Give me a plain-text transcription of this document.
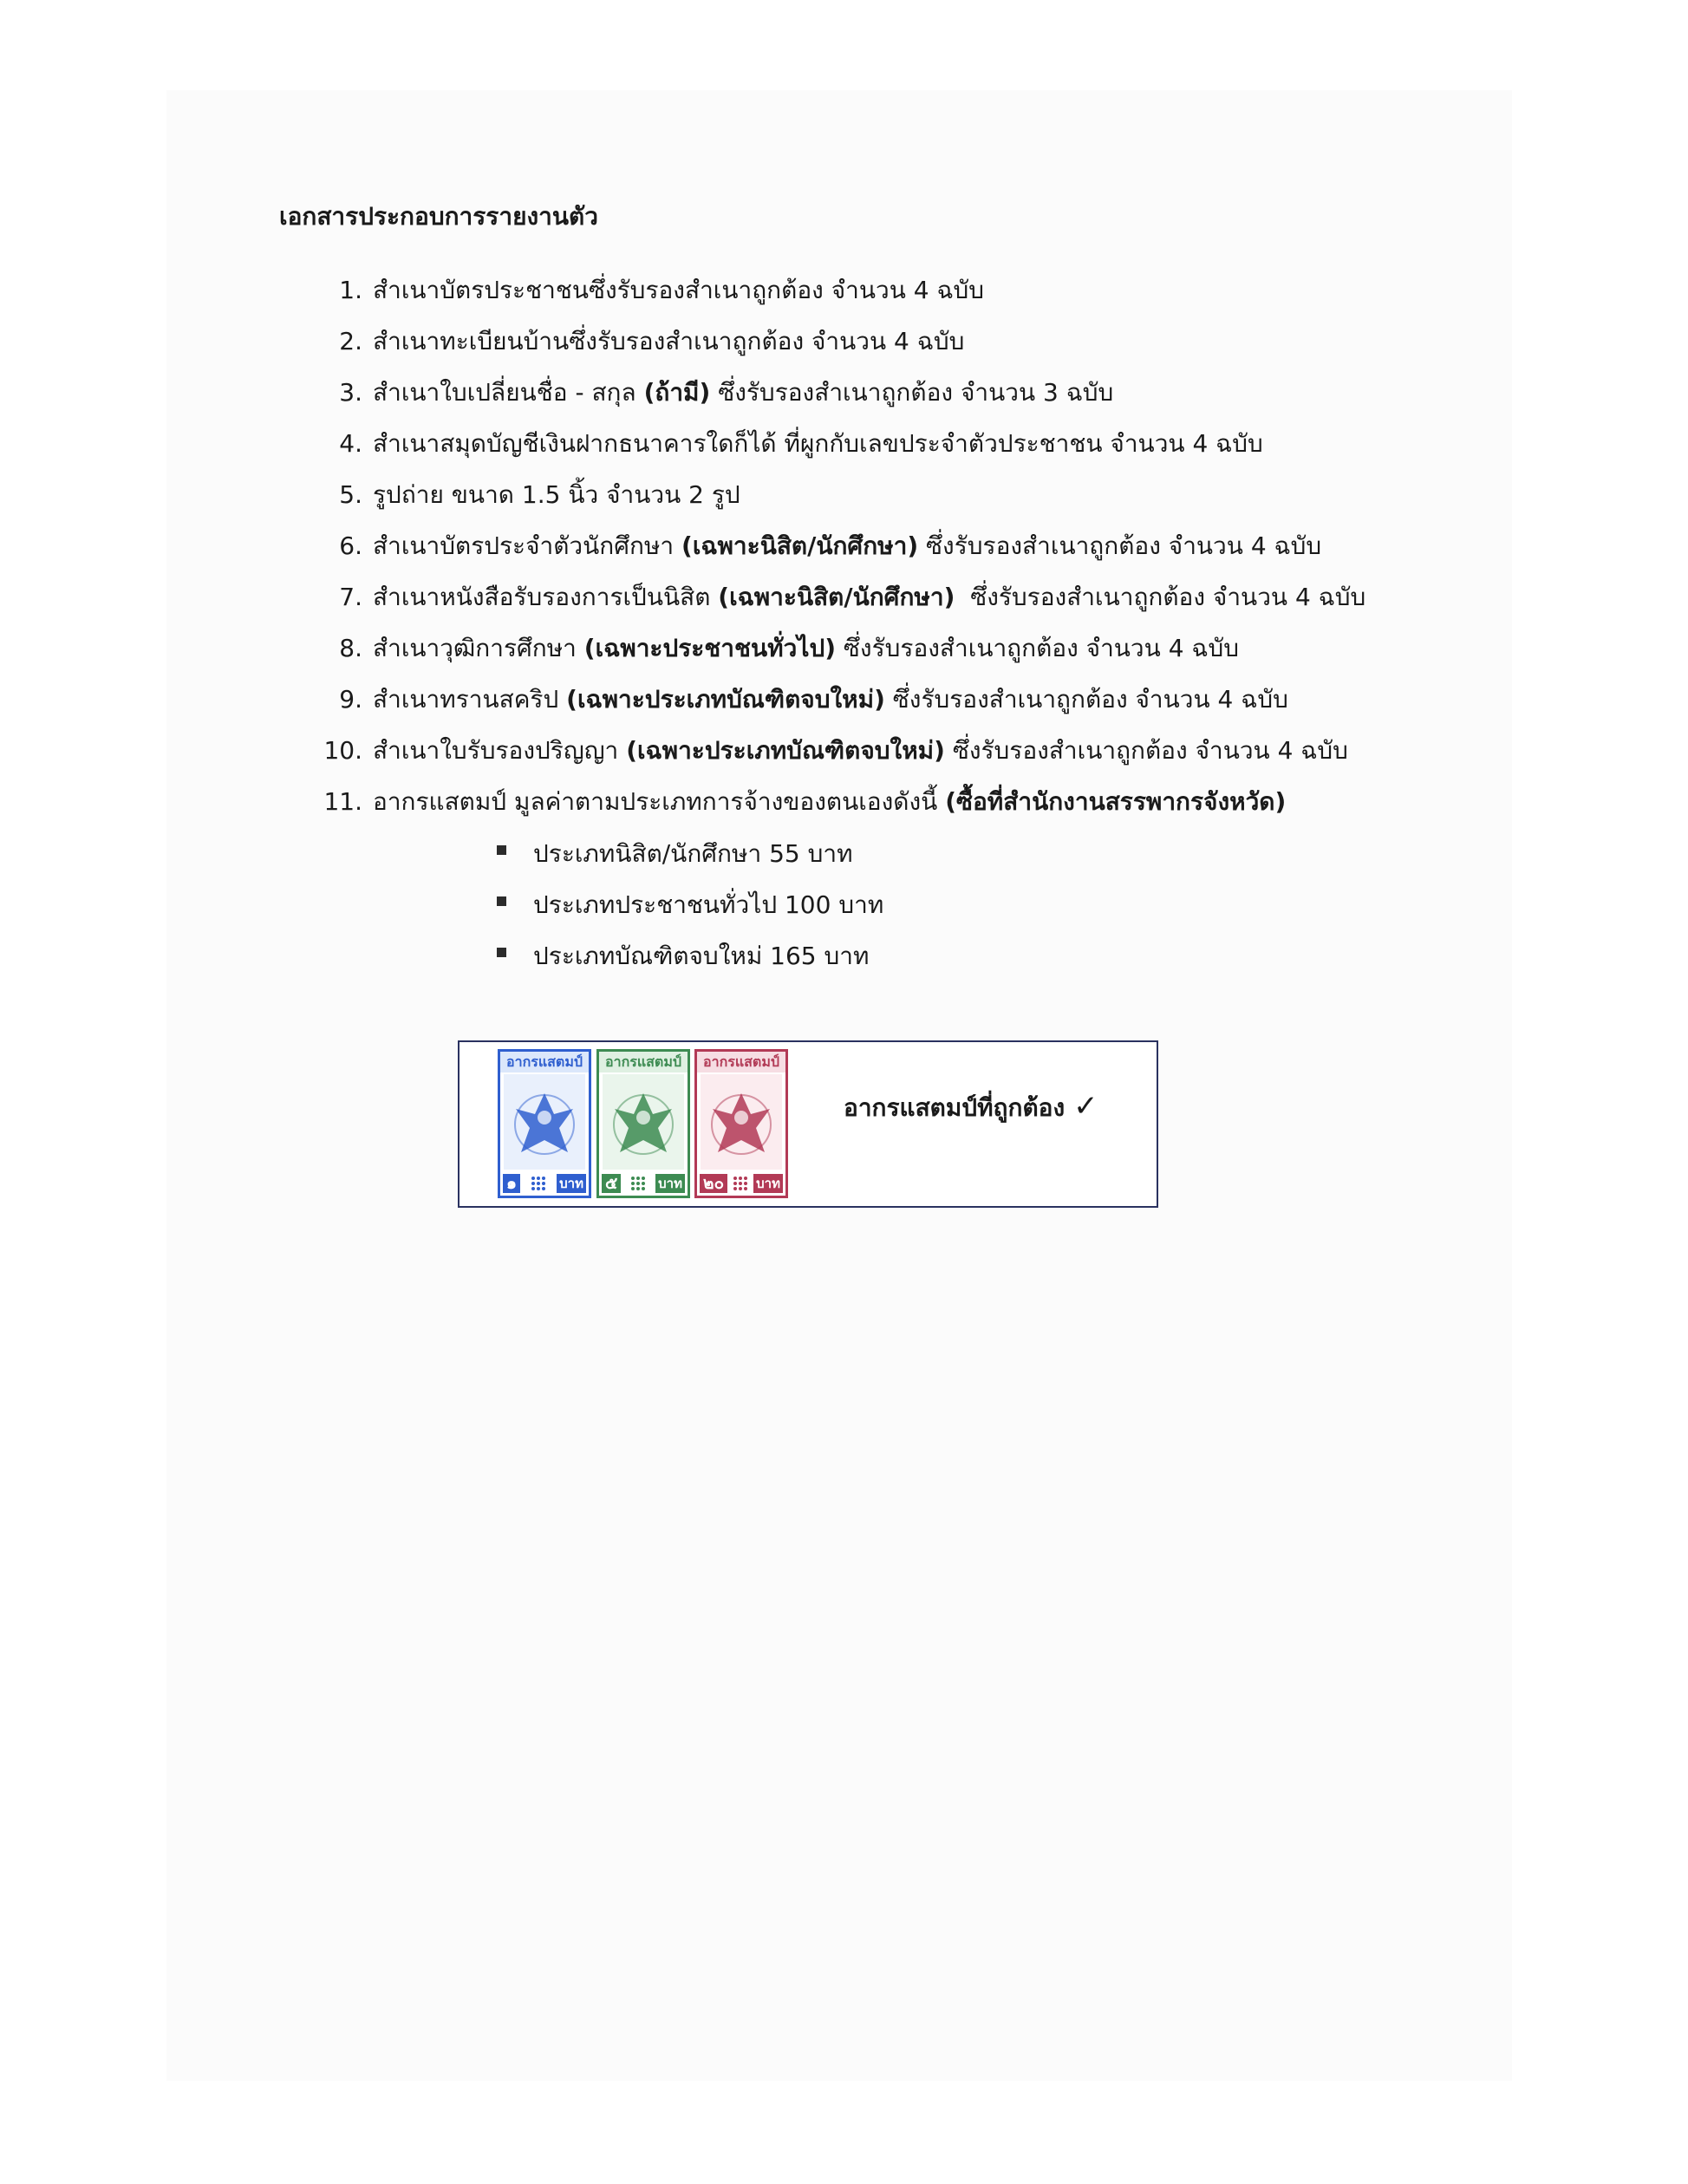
เอกสารประกอบการรายงานตัว
1. สำเนาบัตรประชาชนซึ่งรับรองสำเนาถูกต้อง จำนวน 4 ฉบับ
2. สำเนาทะเบียนบ้านซึ่งรับรองสำเนาถูกต้อง จำนวน 4 ฉบับ
3. สำเนาใบเปลี่ยนชื่อ - สกุล (ถ้ามี) ซึ่งรับรองสำเนาถูกต้อง จำนวน 3 ฉบับ
4. สำเนาสมุดบัญชีเงินฝากธนาคารใดก็ได้ ที่ผูกกับเลขประจำตัวประชาชน จำนวน 4 ฉบับ
5. รูปถ่าย ขนาด 1.5 นิ้ว จำนวน 2 รูป
6. สำเนาบัตรประจำตัวนักศึกษา (เฉพาะนิสิต/นักศึกษา) ซึ่งรับรองสำเนาถูกต้อง จำนวน 4 ฉบับ
7. สำเนาหนังสือรับรองการเป็นนิสิต (เฉพาะนิสิต/นักศึกษา)  ซึ่งรับรองสำเนาถูกต้อง จำนวน 4 ฉบับ
8. สำเนาวุฒิการศึกษา (เฉพาะประชาชนทั่วไป) ซึ่งรับรองสำเนาถูกต้อง จำนวน 4 ฉบับ
9. สำเนาทรานสคริป (เฉพาะประเภทบัณฑิตจบใหม่) ซึ่งรับรองสำเนาถูกต้อง จำนวน 4 ฉบับ
10. สำเนาใบรับรองปริญญา (เฉพาะประเภทบัณฑิตจบใหม่) ซึ่งรับรองสำเนาถูกต้อง จำนวน 4 ฉบับ
11. อากรแสตมป์ มูลค่าตามประเภทการจ้างของตนเองดังนี้ (ซื้อที่สำนักงานสรรพากรจังหวัด)
ประเภทนิสิต/นักศึกษา 55 บาท
ประเภทประชาชนทั่วไป 100 บาท
ประเภทบัณฑิตจบใหม่ 165 บาท
อากรแสตมป์
๑	บาท
อากรแสตมป์
๕	บาท
อากรแสตมป์
๒๐ บาท
อากรแสตมป์ที่ถูกต้อง ✓
